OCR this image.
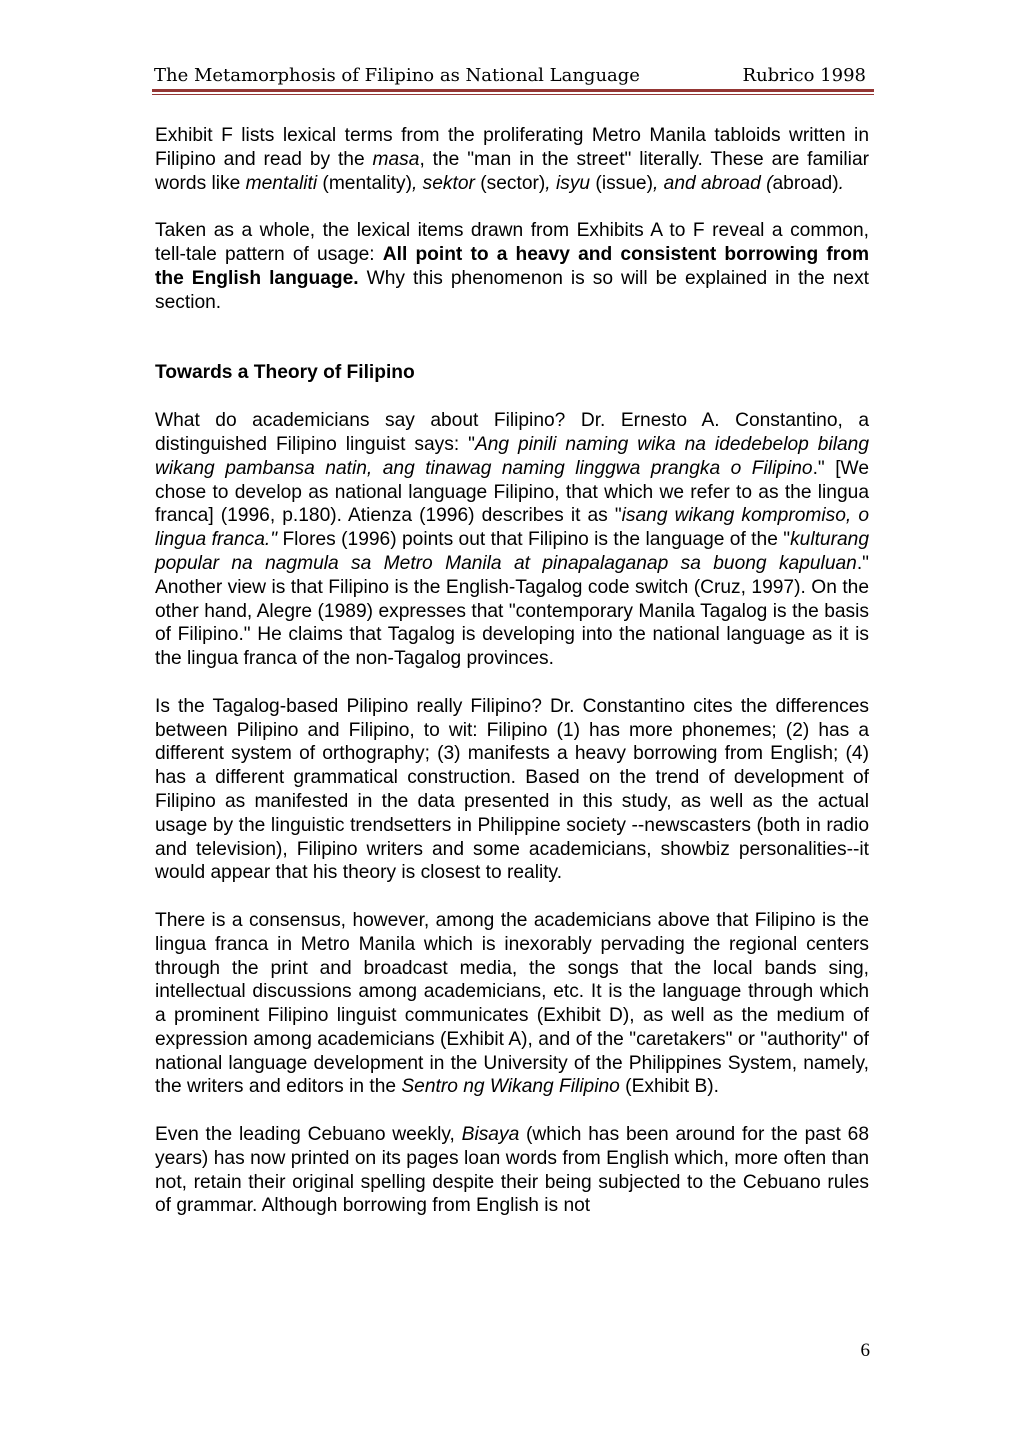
The Metamorphosis of Filipino as National Language	Rubrico 1998

Exhibit F lists lexical terms from the proliferating Metro Manila tabloids written in Filipino and read by the masa, the "man in the street" literally. These are familiar words like mentaliti (mentality), sektor (sector), isyu (issue), and abroad (abroad).

Taken as a whole, the lexical items drawn from Exhibits A to F reveal a common, tell-tale pattern of usage: All point to a heavy and consistent borrowing from the English language. Why this phenomenon is so will be explained in the next section.

Towards a Theory of Filipino

What do academicians say about Filipino? Dr. Ernesto A. Constantino, a distinguished Filipino linguist says: "Ang pinili naming wika na idedebelop bilang wikang pambansa natin, ang tinawag naming linggwa prangka o Filipino." [We chose to develop as national language Filipino, that which we refer to as the lingua franca] (1996, p.180). Atienza (1996) describes it as "isang wikang kompromiso, o lingua franca." Flores (1996) points out that Filipino is the language of the "kulturang popular na nagmula sa Metro Manila at pinapalaganap sa buong kapuluan." Another view is that Filipino is the English-Tagalog code switch (Cruz, 1997). On the other hand, Alegre (1989) expresses that "contemporary Manila Tagalog is the basis of Filipino." He claims that Tagalog is developing into the national language as it is the lingua franca of the non-Tagalog provinces.

Is the Tagalog-based Pilipino really Filipino? Dr. Constantino cites the differences between Pilipino and Filipino, to wit: Filipino (1) has more phonemes; (2) has a different system of orthography; (3) manifests a heavy borrowing from English; (4) has a different grammatical construction. Based on the trend of development of Filipino as manifested in the data presented in this study, as well as the actual usage by the linguistic trendsetters in Philippine society --newscasters (both in radio and television), Filipino writers and some academicians, showbiz personalities--it would appear that his theory is closest to reality.

There is a consensus, however, among the academicians above that Filipino is the lingua franca in Metro Manila which is inexorably pervading the regional centers through the print and broadcast media, the songs that the local bands sing, intellectual discussions among academicians, etc. It is the language through which a prominent Filipino linguist communicates (Exhibit D), as well as the medium of expression among academicians (Exhibit A), and of the "caretakers" or "authority" of national language development in the University of the Philippines System, namely, the writers and editors in the Sentro ng Wikang Filipino (Exhibit B).

Even the leading Cebuano weekly, Bisaya (which has been around for the past 68 years) has now printed on its pages loan words from English which, more often than not, retain their original spelling despite their being subjected to the Cebuano rules of grammar. Although borrowing from English is not

6
